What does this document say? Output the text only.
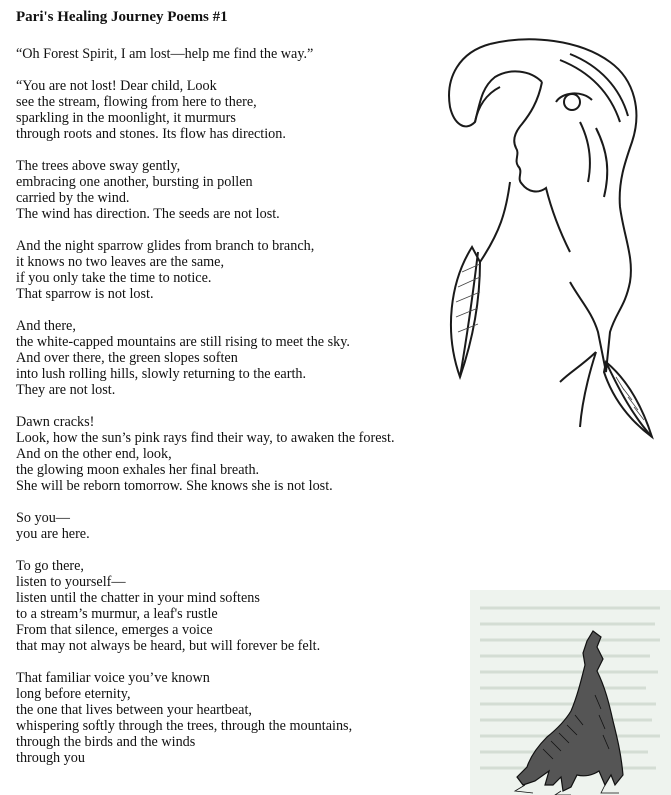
Pari's Healing Journey Poems #1

“Oh Forest Spirit, I am lost—help me find the way.”

“You are not lost! Dear child, Look
see the stream, flowing from here to there,
sparkling in the moonlight, it murmurs
through roots and stones. Its flow has direction.

The trees above sway gently,
embracing one another, bursting in pollen
carried by the wind.
The wind has direction. The seeds are not lost.

And the night sparrow glides from branch to branch,
it knows no two leaves are the same,
if you only take the time to notice.
That sparrow is not lost.

And there,
the white-capped mountains are still rising to meet the sky.
And over there, the green slopes soften
into lush rolling hills, slowly returning to the earth.
They are not lost.

Dawn cracks!
Look, how the sun’s pink rays find their way, to awaken the forest.
And on the other end, look,
the glowing moon exhales her final breath.
She will be reborn tomorrow. She knows she is not lost.

So you—
you are here.

To go there,
listen to yourself—
listen until the chatter in your mind softens
to a stream’s murmur, a leaf's rustle
From that silence, emerges a voice
that may not always be heard, but will forever be felt.

That familiar voice you’ve known
long before eternity,
the one that lives between your heartbeat,
whispering softly through the trees, through the mountains,
through the birds and the winds
through you
